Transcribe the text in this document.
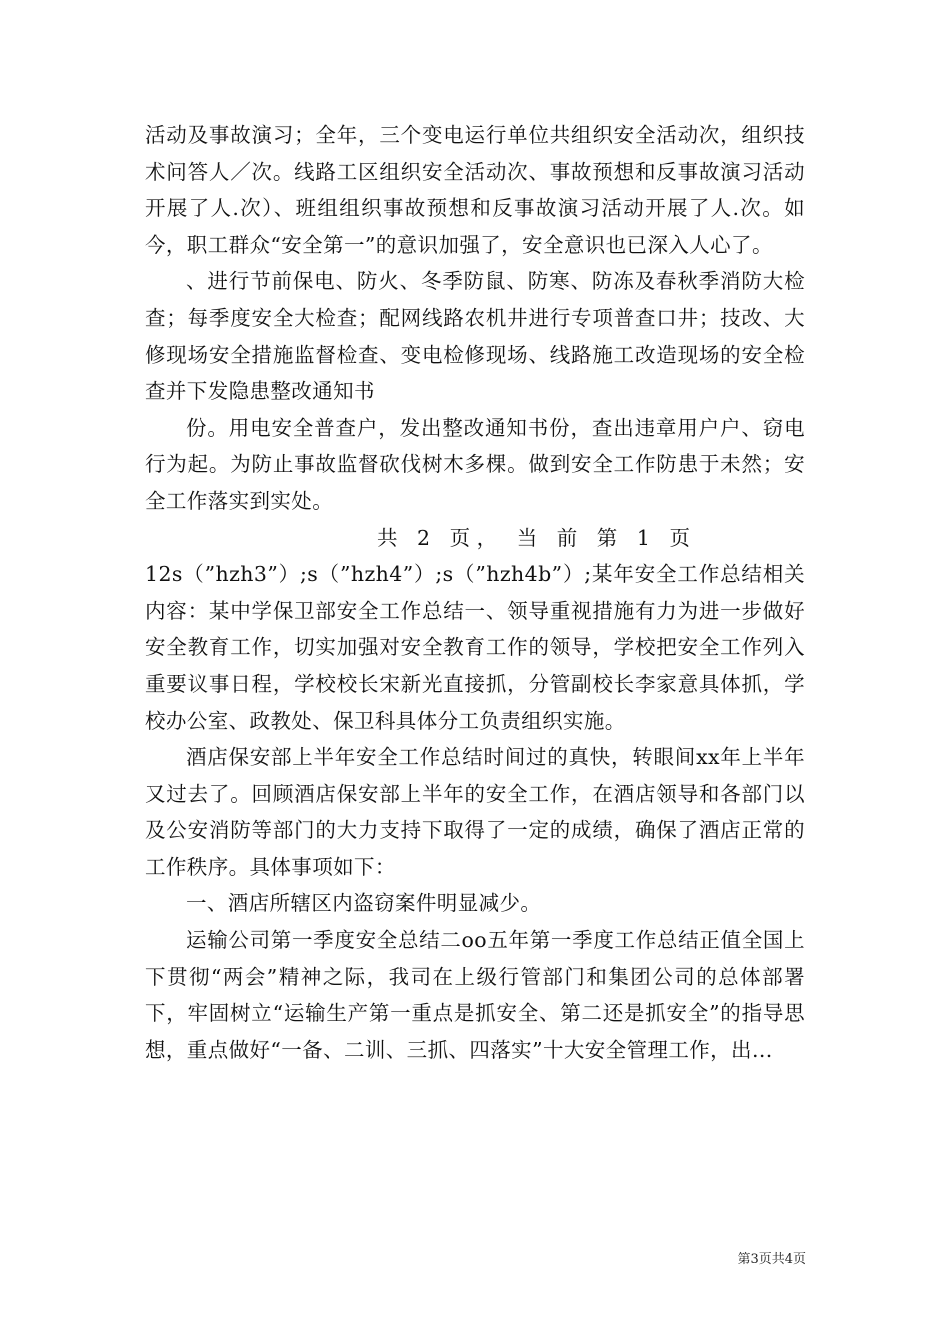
活动及事故演习；全年，三个变电运行单位共组织安全活动次，组织技术问答人／次。线路工区组织安全活动次、事故预想和反事故演习活动开展了人.次）、班组组织事故预想和反事故演习活动开展了人.次。如今，职工群众“安全第一”的意识加强了，安全意识也已深入人心了。

、进行节前保电、防火、冬季防鼠、防寒、防冻及春秋季消防大检查；每季度安全大检查；配网线路农机井进行专项普查口井；技改、大修现场安全措施监督检查、变电检修现场、线路施工改造现场的安全检查并下发隐患整改通知书

份。用电安全普查户，发出整改通知书份，查出违章用户户、窃电行为起。为防止事故监督砍伐树木多棵。做到安全工作防患于未然；安全工作落实到实处。

共   2   页 ，   当   前   第   1   页

12s（”hzh3”）;s（”hzh4”）;s（”hzh4b”）;某年安全工作总结相关内容：某中学保卫部安全工作总结一、领导重视措施有力为进一步做好安全教育工作，切实加强对安全教育工作的领导，学校把安全工作列入重要议事日程，学校校长宋新光直接抓，分管副校长李家意具体抓，学校办公室、政教处、保卫科具体分工负责组织实施。

酒店保安部上半年安全工作总结时间过的真快，转眼间xx年上半年又过去了。回顾酒店保安部上半年的安全工作，在酒店领导和各部门以及公安消防等部门的大力支持下取得了一定的成绩，确保了酒店正常的工作秩序。具体事项如下：

一、酒店所辖区内盗窃案件明显减少。

运输公司第一季度安全总结二oo五年第一季度工作总结正值全国上下贯彻“两会”精神之际，我司在上级行管部门和集团公司的总体部署下，牢固树立“运输生产第一重点是抓安全、第二还是抓安全”的指导思想，重点做好“一备、二训、三抓、四落实”十大安全管理工作，出...

第3页共4页
